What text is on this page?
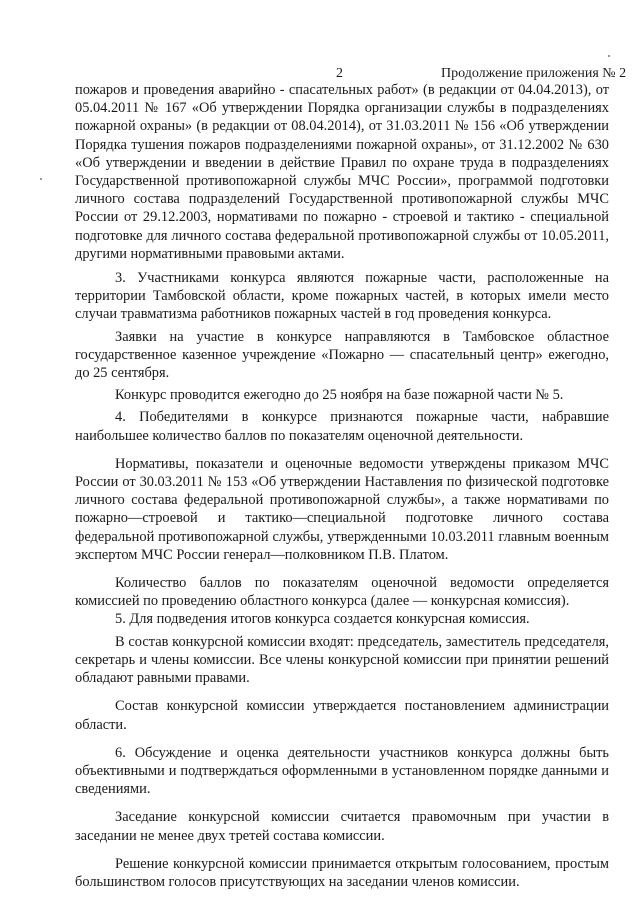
2	Продолжение приложения № 2

пожаров и проведения аварийно - спасательных работ» (в редакции от 04.04.2013), от 05.04.2011 № 167 «Об утверждении Порядка организации службы в подразделениях пожарной охраны» (в редакции от 08.04.2014), от 31.03.2011 № 156 «Об утверждении Порядка тушения пожаров подразделениями пожарной охраны», от 31.12.2002 № 630 «Об утверждении и введении в действие Правил по охране труда в подразделениях Государственной противопожарной службы МЧС России», программой подготовки личного состава подразделений Государственной противопожарной службы МЧС России от 29.12.2003, нормативами по пожарно - строевой и тактико - специальной подготовке для личного состава федеральной противопожарной службы от 10.05.2011, другими нормативными правовыми актами.

3. Участниками конкурса являются пожарные части, расположенные на территории Тамбовской области, кроме пожарных частей, в которых имели место случаи травматизма работников пожарных частей в год проведения конкурса.

Заявки на участие в конкурсе направляются в Тамбовское областное государственное казенное учреждение «Пожарно — спасательный центр» ежегодно, до 25 сентября.

Конкурс проводится ежегодно до 25 ноября на базе пожарной части № 5.

4. Победителями в конкурсе признаются пожарные части, набравшие наибольшее количество баллов по показателям оценочной деятельности.

Нормативы, показатели и оценочные ведомости утверждены приказом МЧС России от 30.03.2011 № 153 «Об утверждении Наставления по физической подготовке личного состава федеральной противопожарной службы», а также нормативами по пожарно—строевой и тактико—специальной подготовке личного состава федеральной противопожарной службы, утвержденными 10.03.2011 главным военным экспертом МЧС России генерал—полковником П.В. Платом.

Количество баллов по показателям оценочной ведомости определяется комиссией по проведению областного конкурса (далее — конкурсная комиссия).

5. Для подведения итогов конкурса создается конкурсная комиссия.

В состав конкурсной комиссии входят: председатель, заместитель председателя, секретарь и члены комиссии. Все члены конкурсной комиссии при принятии решений обладают равными правами.

Состав конкурсной комиссии утверждается постановлением администрации области.

6. Обсуждение и оценка деятельности участников конкурса должны быть объективными и подтверждаться оформленными в установленном порядке данными и сведениями.

Заседание конкурсной комиссии считается правомочным при участии в заседании не менее двух третей состава комиссии.

Решение конкурсной комиссии принимается открытым голосованием, простым большинством голосов присутствующих на заседании членов комиссии.
